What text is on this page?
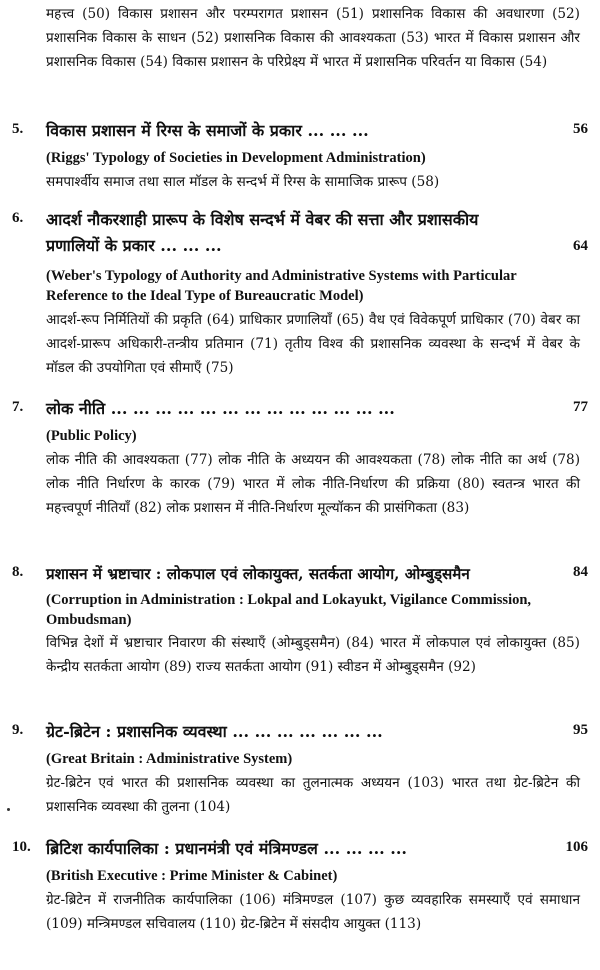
महत्त्व (50) विकास प्रशासन और परम्परागत प्रशासन (51) प्रशासनिक विकास की अवधारणा (52) प्रशासनिक विकास के साधन (52) प्रशासनिक विकास की आवश्यकता (53) भारत में विकास प्रशासन और प्रशासनिक विकास (54) विकास प्रशासन के परिप्रेक्ष्य में भारत में प्रशासनिक परिवर्तन या विकास (54)

5. विकास प्रशासन में रिग्स के समाजों के प्रकार ... ... ...	56
(Riggs' Typology of Societies in Development Administration)
समपार्श्वीय समाज तथा साल मॉडल के सन्दर्भ में रिग्स के सामाजिक प्रारूप (58)
6. आदर्श नौकरशाही प्रारूप के विशेष सन्दर्भ में वेबर की सत्ता और प्रशासकीय प्रणालियों के प्रकार ... ... ...	64
(Weber's Typology of Authority and Administrative Systems with Particular Reference to the Ideal Type of Bureaucratic Model)
आदर्श-रूप निर्मितियों की प्रकृति (64) प्राधिकार प्रणालियाँ (65) वैध एवं विवेकपूर्ण प्राधिकार (70) वेबर का आदर्श-प्रारूप अधिकारी-तन्त्रीय प्रतिमान (71) तृतीय विश्व की प्रशासनिक व्यवस्था के सन्दर्भ में वेबर के मॉडल की उपयोगिता एवं सीमाएँ (75)
7. लोक नीति ... ... ... ... ... ... ... ... ... ... ... ... ...	77
(Public Policy)
लोक नीति की आवश्यकता (77) लोक नीति के अध्ययन की आवश्यकता (78) लोक नीति का अर्थ (78) लोक नीति निर्धारण के कारक (79) भारत में लोक नीति-निर्धारण की प्रक्रिया (80) स्वतन्त्र भारत की महत्त्वपूर्ण नीतियाँ (82) लोक प्रशासन में नीति-निर्धारण मूल्यॉकन की प्रासंगिकता (83)
8. प्रशासन में भ्रष्टाचार : लोकपाल एवं लोकायुक्त, सतर्कता आयोग, ओम्बुड्समैन	84
(Corruption in Administration : Lokpal and Lokayukt, Vigilance Commission, Ombudsman)
विभिन्न देशों में भ्रष्टाचार निवारण की संस्थाएँ (ओम्बुड्समैन) (84) भारत में लोकपाल एवं लोकायुक्त (85) केन्द्रीय सतर्कता आयोग (89) राज्य सतर्कता आयोग (91) स्वीडन में ओम्बुड्समैन (92)
9. ग्रेट-ब्रिटेन : प्रशासनिक व्यवस्था ... ... ... ... ... ... ...	95
(Great Britain : Administrative System)
ग्रेट-ब्रिटेन एवं भारत की प्रशासनिक व्यवस्था का तुलनात्मक अध्ययन (103) भारत तथा ग्रेट-ब्रिटेन की प्रशासनिक व्यवस्था की तुलना (104)
10. ब्रिटिश कार्यपालिका : प्रधानमंत्री एवं मंत्रिमण्डल ... ... ... ...	106
(British Executive : Prime Minister & Cabinet)
ग्रेट-ब्रिटेन में राजनीतिक कार्यपालिका (106) मंत्रिमण्डल (107) कुछ व्यवहारिक समस्याएँ एवं समाधान (109) मन्त्रिमण्डल सचिवालय (110) ग्रेट-ब्रिटेन में संसदीय आयुक्त (113)
